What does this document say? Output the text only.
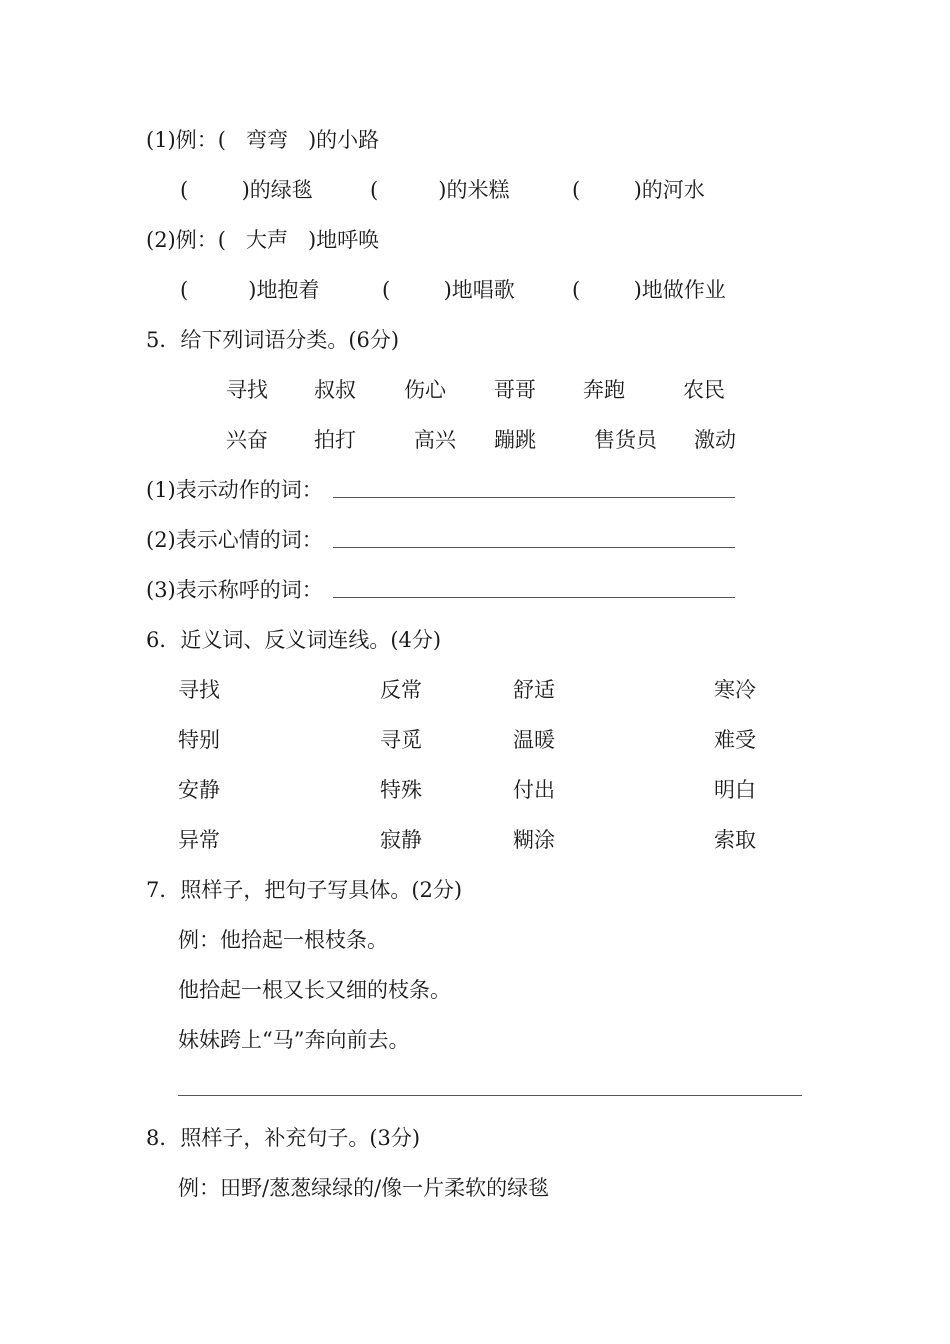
(1)例：(   弯弯   )的小路
(        )的绿毯	(         )的米糕	(        )的河水
(2)例：(   大声   )地呼唤
(         )地抱着	(        )地唱歌	(        )地做作业
5．给下列词语分类。(6分)
寻找 叔叔 伤心 哥哥 奔跑	农民
兴奋 拍打	高兴 蹦跳	售货员 激动
(1)表示动作的词：
(2)表示心情的词：
(3)表示称呼的词：
6．近义词、反义词连线。(4分)
寻找	反常	舒适	寒冷
特别	寻觅	温暖	难受
安静	特殊	付出	明白
异常	寂静	糊涂	索取
7．照样子，把句子写具体。(2分)
例：他拾起一根枝条。
他拾起一根又长又细的枝条。
妹妹跨上“马”奔向前去。
8．照样子，补充句子。(3分)
例：田野/葱葱绿绿的/像一片柔软的绿毯
